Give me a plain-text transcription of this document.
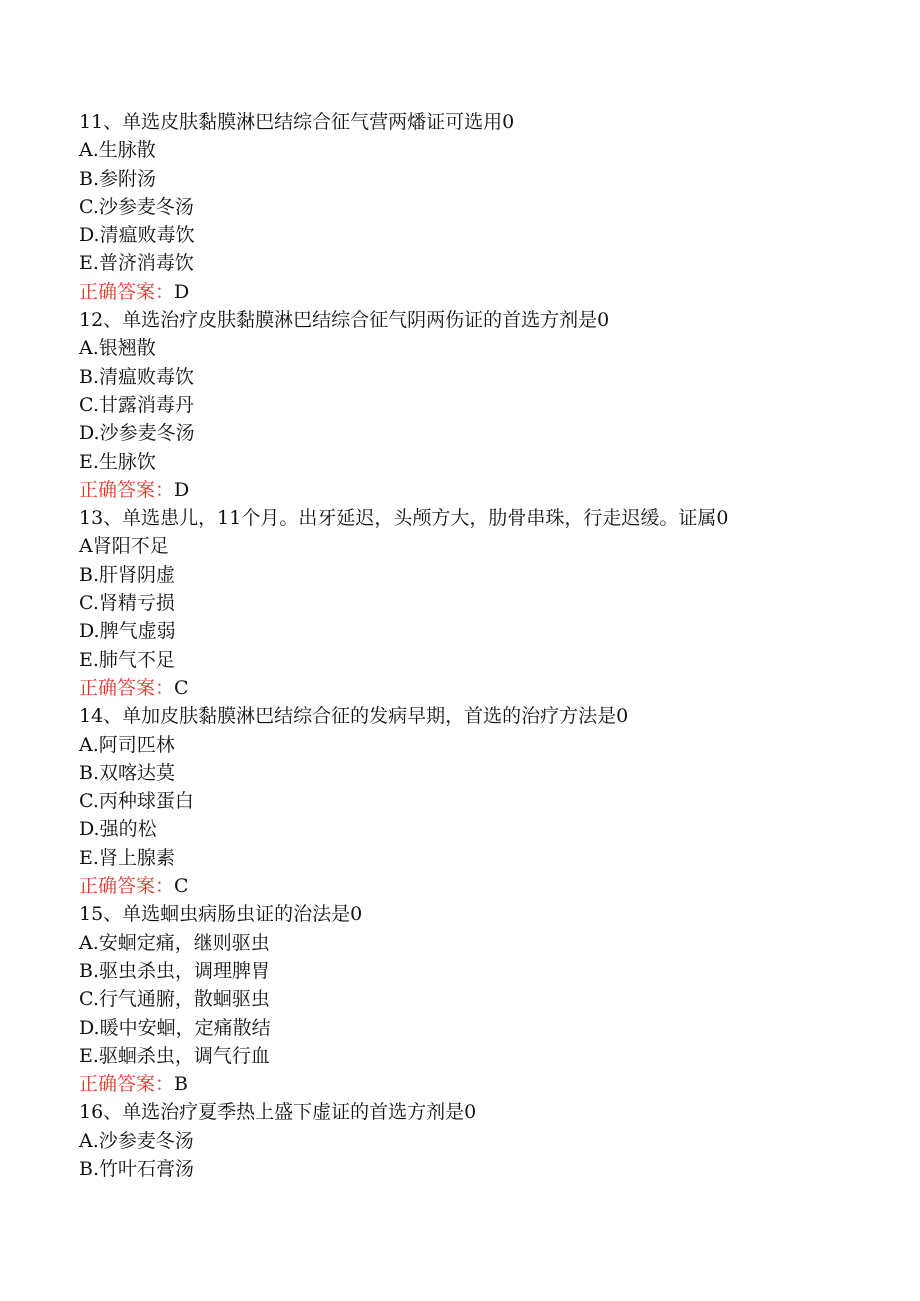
11、单选皮肤黏膜淋巴结综合征气营两燔证可选用0
A.生脉散
B.参附汤
C.沙参麦冬汤
D.清瘟败毒饮
E.普济消毒饮
正确答案：D
12、单选治疗皮肤黏膜淋巴结综合征气阴两伤证的首选方剂是0
A.银翘散
B.清瘟败毒饮
C.甘露消毒丹
D.沙参麦冬汤
E.生脉饮
正确答案：D
13、单选患儿，11个月。出牙延迟，头颅方大，肋骨串珠，行走迟缓。证属0
A肾阳不足
B.肝肾阴虚
C.肾精亏损
D.脾气虚弱
E.肺气不足
正确答案：C
14、单加皮肤黏膜淋巴结综合征的发病早期，首选的治疗方法是0
A.阿司匹林
B.双喀达莫
C.丙种球蛋白
D.强的松
E.肾上腺素
正确答案：C
15、单选蛔虫病肠虫证的治法是0
A.安蛔定痛，继则驱虫
B.驱虫杀虫，调理脾胃
C.行气通腑，散蛔驱虫
D.暖中安蛔，定痛散结
E.驱蛔杀虫，调气行血
正确答案：B
16、单选治疗夏季热上盛下虚证的首选方剂是0
A.沙参麦冬汤
B.竹叶石膏汤
